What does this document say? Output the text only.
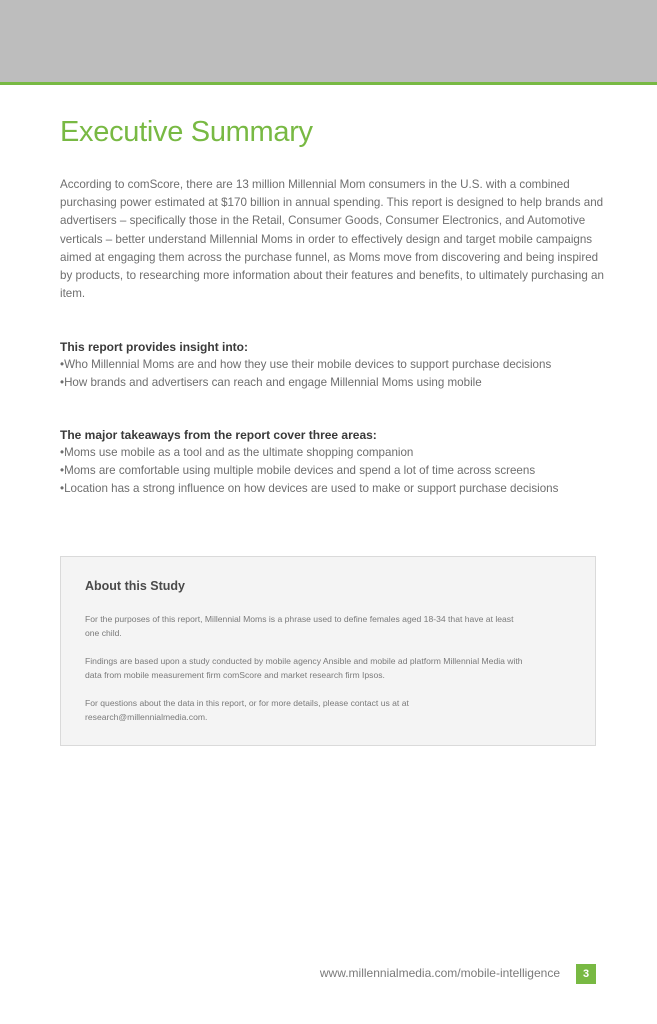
Executive Summary

According to comScore, there are 13 million Millennial Mom consumers in the U.S. with a combined purchasing power estimated at $170 billion in annual spending. This report is designed to help brands and advertisers – specifically those in the Retail, Consumer Goods, Consumer Electronics, and Automotive verticals – better understand Millennial Moms in order to effectively design and target mobile campaigns aimed at engaging them across the purchase funnel, as Moms move from discovering and being inspired by products, to researching more information about their features and benefits, to ultimately purchasing an item.

This report provides insight into:
• Who Millennial Moms are and how they use their mobile devices to support purchase decisions
• How brands and advertisers can reach and engage Millennial Moms using mobile
The major takeaways from the report cover three areas:
• Moms use mobile as a tool and as the ultimate shopping companion
• Moms are comfortable using multiple mobile devices and spend a lot of time across screens
• Location has a strong influence on how devices are used to make or support purchase decisions
About this Study

For the purposes of this report, Millennial Moms is a phrase used to define females aged 18-34 that have at least one child.

Findings are based upon a study conducted by mobile agency Ansible and mobile ad platform Millennial Media with data from mobile measurement firm comScore and market research firm Ipsos.

For questions about the data in this report, or for more details, please contact us at at research@millennialmedia.com.

www.millennialmedia.com/mobile-intelligence	3
